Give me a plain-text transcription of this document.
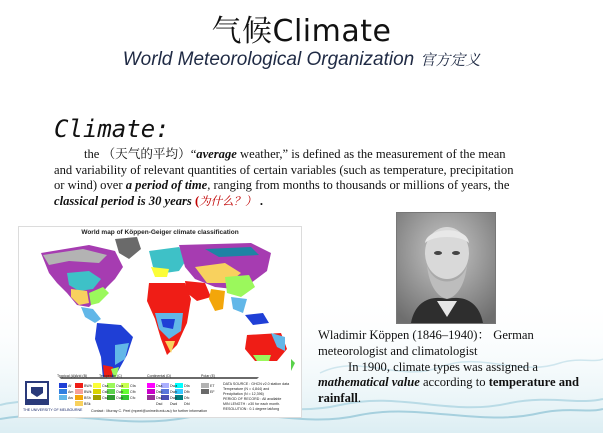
气候Climate
World Meteorological Organization 官方定义
Climate:
the （天气的平均）“average weather,” is defined as the measurement of the mean and variability of relevant quantities of certain variables (such as temperature, precipitation or wind) over a period of time, ranging from months to thousands or millions of years, the classical period is 30 years (为什么？） .
World map of Köppen-Geiger climate classification
Tropical (A) Arid (B)	Temperate (C)	Continental (D)	Polar (E)
Af
Am
Aw
BWh
BWk
BSh
BSk
Csa
Csb
Csc
Cwa
Cwb
Cwc
Cfa
Cfb
Cfc
Dsa
Dsb
Dsc
Dsd
Dwa
Dwb
Dwc
Dwd
Dfa
Dfb
Dfc
Dfd
ET
EF
DATA SOURCE : GHCN v2.0 station data
Temperature (N = 4,844) and
Precipitation (N = 12,396)
PERIOD OF RECORD : All available
MIN LENGTH : ≥30 for each month.
RESOLUTION : 0.1 degree lat/long
THE UNIVERSITY OF MELBOURNE Contact : Murray C. Peel (mpeel@unimelb.edu.au) for further information
Wladimir Köppen (1846–1940)： German meteorologist and climatologist
In 1900, climate types was assigned a mathematical value according to temperature and rainfall.
